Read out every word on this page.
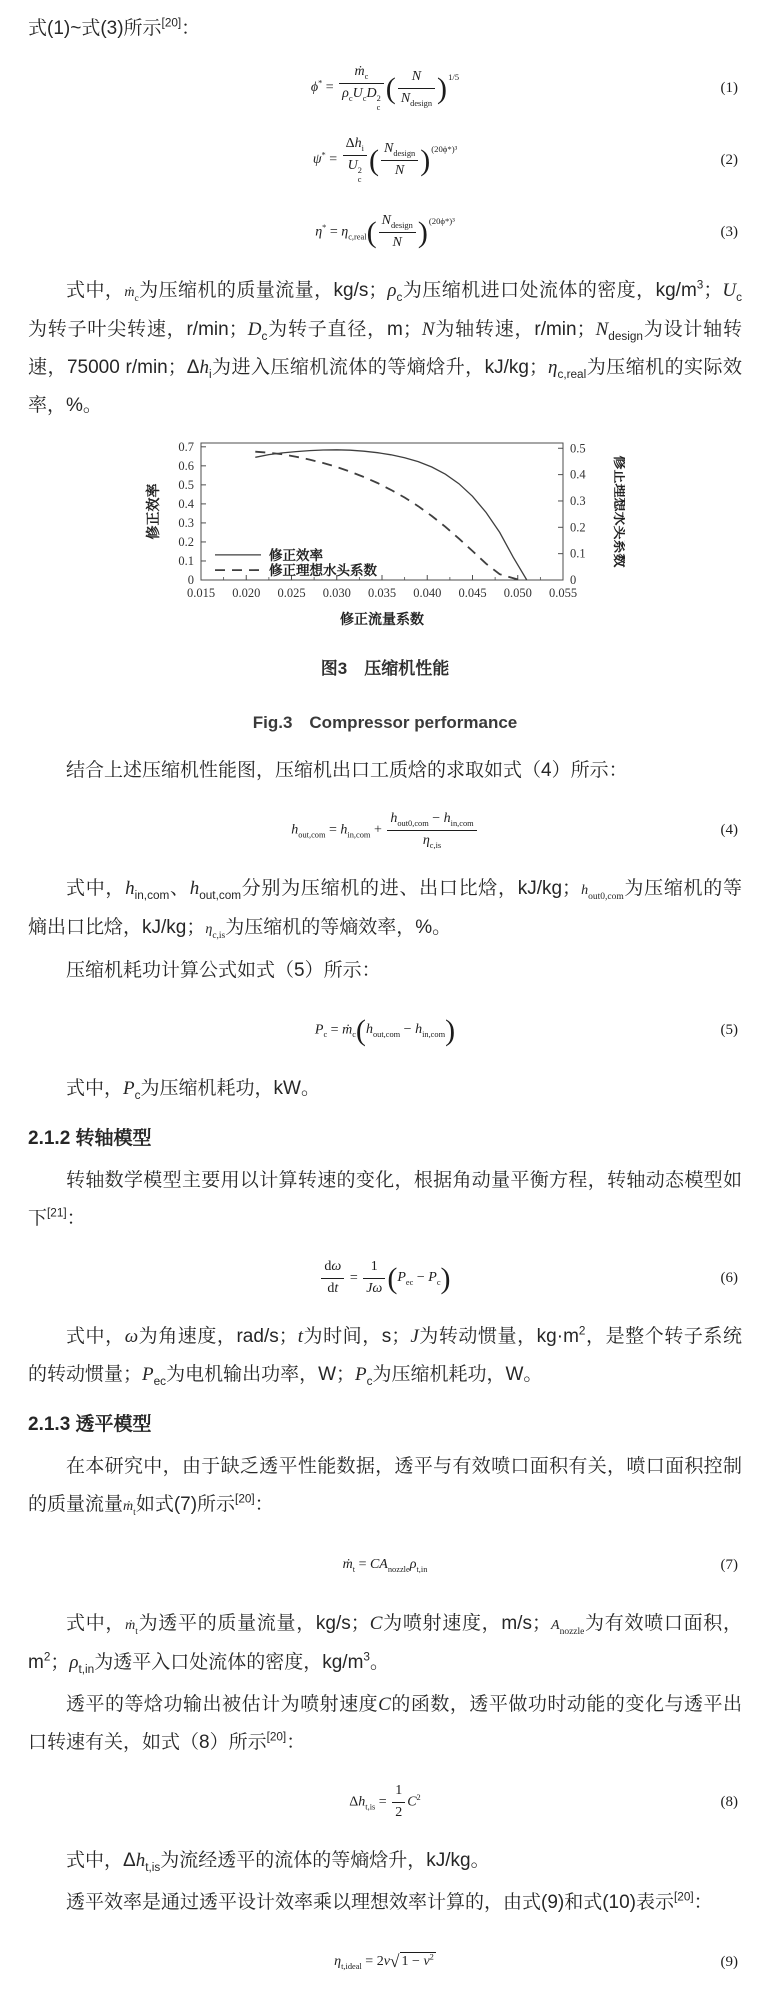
式(1)~式(3)所示[20]：

ϕ* =
ṁ$_c$
$\rho_cU_cD$ 2
c
(	N
$N_{design}$ ) $^{1/5}$
(1)
ψ* =
$\Delta h_i$
U 2
c
( $N_{design}$
N ) $^{(20\phi*)^3}$
(2)
$\eta^* = \eta_{c,real}$ ( $N_{design}$
N ) $^{(20\phi*)^3}$
(3)

式中，ṁ$_c$为压缩机的质量流量，kg/s；$\rho_c$为压缩机进口处流体的密度，$kg/m^3$；$U_c$为转子叶尖转速，r/min；$D_c$为转子直径，m；N为轴转速，r/min；$N_{design}$为设计轴转速，75000 r/min；$\Delta h_i$为进入压缩机流体的等熵焓升，kJ/kg；$\eta_{c,real}$为压缩机的实际效率，%。

0.015 0.020 0.025 0.030 0.035 0.040 0.045 0.050 0.055
0
0.1
0.2
0.3
0.4
0.5
0.6
0.7
0
0.1
0.2
0.3
0.4
0.5
修正流量系数
修正效率	修正理想水头系数
修正效率
修正理想水头系数

图3　压缩机性能

Fig.3　Compressor performance

结合上述压缩机性能图，压缩机出口工质焓的求取如式（4）所示：

$h_{out,com} = h_{in,com}$ +
$h_{out0,com} - h_{in,com}$
$\eta_{c,is}$
(4)

式中，$h_{in,com}$、$h_{out,com}$分别为压缩机的进、出口比焓，kJ/kg；$h_{out0,com}$为压缩机的等熵出口比焓，kJ/kg；$\eta_{c,is}$为压缩机的等熵效率，%。

压缩机耗功计算公式如式（5）所示：

$P_c$ = ṁ$_c$ ( $h_{out,com} - h_{in,com}$ )	(5)

式中，$P_c$为压缩机耗功，kW。

2.1.2 转轴模型

转轴数学模型主要用以计算转速的变化，根据角动量平衡方程，转轴动态模型如下[21]：

$\frac{d\omega}{dt} = \frac{1}{J\omega}$ ( $P_{ec} - P_c$ )	(6)

式中，ω为角速度，rad/s；t为时间，s；J为转动惯量，$kg\cdot m^2$，是整个转子系统的转动惯量；$P_{ec}$为电机输出功率，W；$P_c$为压缩机耗功，W。

2.1.3 透平模型

在本研究中，由于缺乏透平性能数据，透平与有效喷口面积有关，喷口面积控制的质量流量ṁ$_t$如式(7)所示[20]：

ṁ$_t$ = $CA_{nozzle}\rho_{t,in}$	(7)

式中，ṁ$_t$为透平的质量流量，kg/s；C为喷射速度，m/s；$A_{nozzle}$为有效喷口面积，$m^2$；$\rho_{t,in}$为透平入口处流体的密度，$kg/m^3$。

透平的等焓功输出被估计为喷射速度C的函数，透平做功时动能的变化与透平出口转速有关，如式（8）所示[20]：

$\Delta h_{t,is} = \frac{1}{2} C^2$	(8)

式中，$\Delta h_{t,is}$为流经透平的流体的等熵焓升，kJ/kg。

透平效率是通过透平设计效率乘以理想效率计算的，由式(9)和式(10)表示[20]：

$\eta_{t,ideal} = 2v$ √ $1 - v^2$	(9)
